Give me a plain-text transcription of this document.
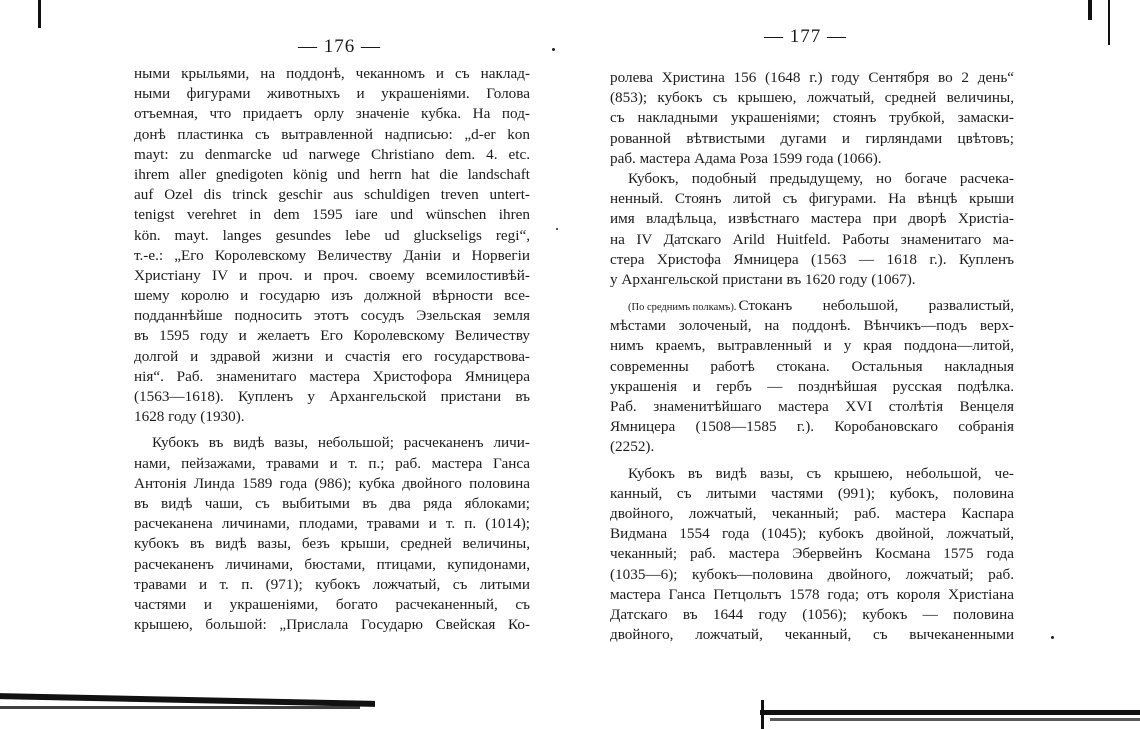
— 176 —
ными крыльями, на поддонѣ, чеканномъ и съ наклад-
ными фигурами животныхъ и украшеніями. Голова
отъемная, что придаетъ орлу значеніе кубка. На под-
донѣ пластинка съ вытравленной надписью: „d-er kon
mayt: zu denmarcke ud narwege Christiano dem. 4. etc.
ihrem aller gnedigoten könig und herrn hat die landschaft
auf Ozel dis trinck geschir aus schuldigen treven untert-
tenigst verehret in dem 1595 iare und wünschen ihren
kön. mayt. langes gesundes lebe ud gluckseligs regi“,
т.-е.: „Его Королевскому Величеству Даніи и Норвегіи
Христіану IV и проч. и проч. своему всемилостивѣй-
шему королю и государю изъ должной вѣрности все-
подданнѣйше подносить этотъ сосудъ Эзельская земля
въ 1595 году и желаетъ Его Королевскому Величеству
долгой и здравой жизни и счастія его государствова-
нія“. Раб. знаменитаго мастера Христофора Ямницера
(1563—1618). Купленъ у Архангельской пристани въ
1628 году (1930).
Кубокъ въ видѣ вазы, небольшой; расчеканенъ личи-
нами, пейзажами, травами и т. п.; раб. мастера Ганса
Антонія Линда 1589 года (986); кубка двойного половина
въ видѣ чаши, съ выбитыми въ два ряда яблоками;
расчеканена личинами, плодами, травами и т. п. (1014);
кубокъ въ видѣ вазы, безъ крыши, средней величины,
расчеканенъ личинами, бюстами, птицами, купидонами,
травами и т. п. (971); кубокъ ложчатый, съ литыми
частями и украшеніями, богато расчеканенный, съ
крышею, большой: „Прислала Государю Свейская Ко-
— 177 —
ролева Христина 156 (1648 г.) году Сентября во 2 день“
(853); кубокъ съ крышею, ложчатый, средней величины,
съ накладными украшеніями; стоянъ трубкой, замаски-
рованной вѣтвистыми дугами и гирляндами цвѣтовъ;
раб. мастера Адама Роза 1599 года (1066).
Кубокъ, подобный предыдущему, но богаче расчека-
ненный. Стоянъ литой съ фигурами. На вѣнцѣ крыши
имя владѣльца, извѣстнаго мастера при дворѣ Христіа-
на IV Датскаго Arild Huitfeld. Работы знаменитаго ма-
стера Христофа Ямницера (1563 — 1618 г.). Купленъ
у Архангельской пристани въ 1620 году (1067).
(По среднимъ полкамъ). Стоканъ небольшой, развалистый,
мѣстами золоченый, на поддонѣ. Вѣнчикъ—подъ верх-
нимъ краемъ, вытравленный и у края поддона—литой,
современны работѣ стокана. Остальныя накладныя
украшенія и гербъ — позднѣйшая русская подѣлка.
Раб. знаменитѣйшаго мастера XVI столѣтія Венцеля
Ямницера (1508—1585 г.). Коробановскаго собранія
(2252).
Кубокъ въ видѣ вазы, съ крышею, небольшой, че-
канный, съ литыми частями (991); кубокъ, половина
двойного, ложчатый, чеканный; раб. мастера Каспара
Видмана 1554 года (1045); кубокъ двойной, ложчатый,
чеканный; раб. мастера Эбервейнъ Космана 1575 года
(1035—6); кубокъ—половина двойного, ложчатый; раб.
мастера Ганса Петцольтъ 1578 года; отъ короля Христіана
Датскаго въ 1644 году (1056); кубокъ — половина
двойного, ложчатый, чеканный, съ вычеканенными
